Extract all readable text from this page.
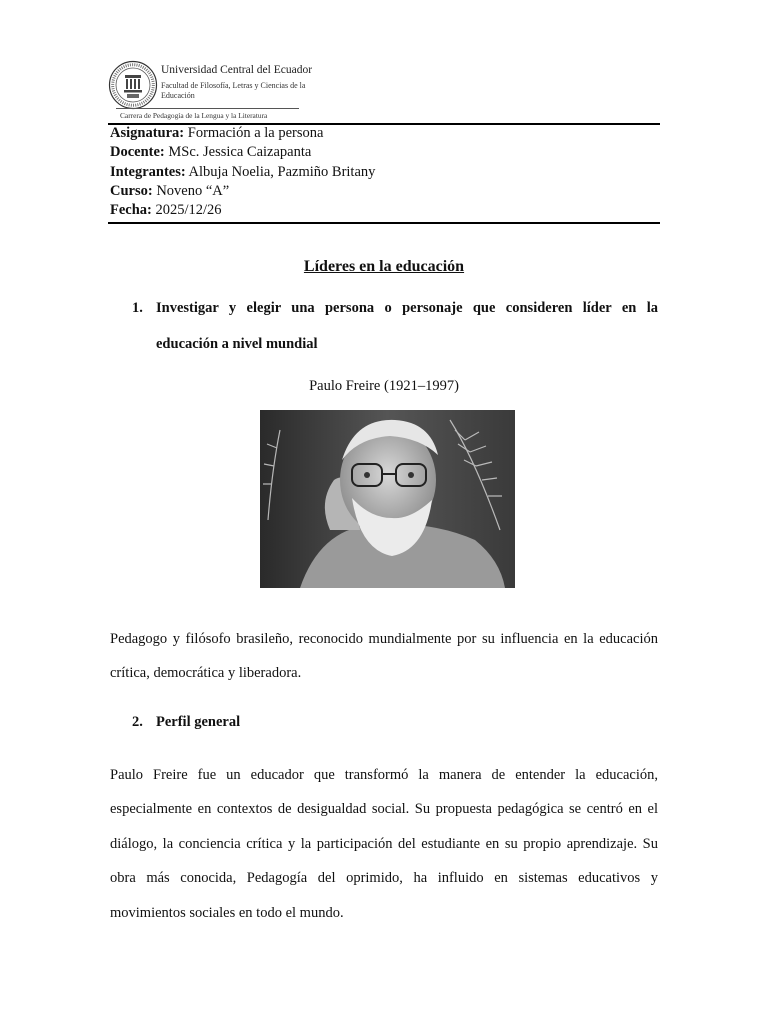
Universidad Central del Ecuador
Facultad de Filosofía, Letras y Ciencias de la Educación
Carrera de Pedagogía de la Lengua y la Literatura
Asignatura: Formación a la persona
Docente: MSc. Jessica Caizapanta
Integrantes: Albuja Noelia, Pazmiño Britany
Curso: Noveno “A”
Fecha: 2025/12/26
Líderes en la educación
1. Investigar y elegir una persona o personaje que consideren líder en la
educación a nivel mundial
Paulo Freire (1921–1997)
Pedagogo y filósofo brasileño, reconocido mundialmente por su influencia en la educación crítica, democrática y liberadora.
2. Perfil general
Paulo Freire fue un educador que transformó la manera de entender la educación, especialmente en contextos de desigualdad social. Su propuesta pedagógica se centró en el diálogo, la conciencia crítica y la participación del estudiante en su propio aprendizaje. Su obra más conocida, Pedagogía del oprimido, ha influido en sistemas educativos y movimientos sociales en todo el mundo.
